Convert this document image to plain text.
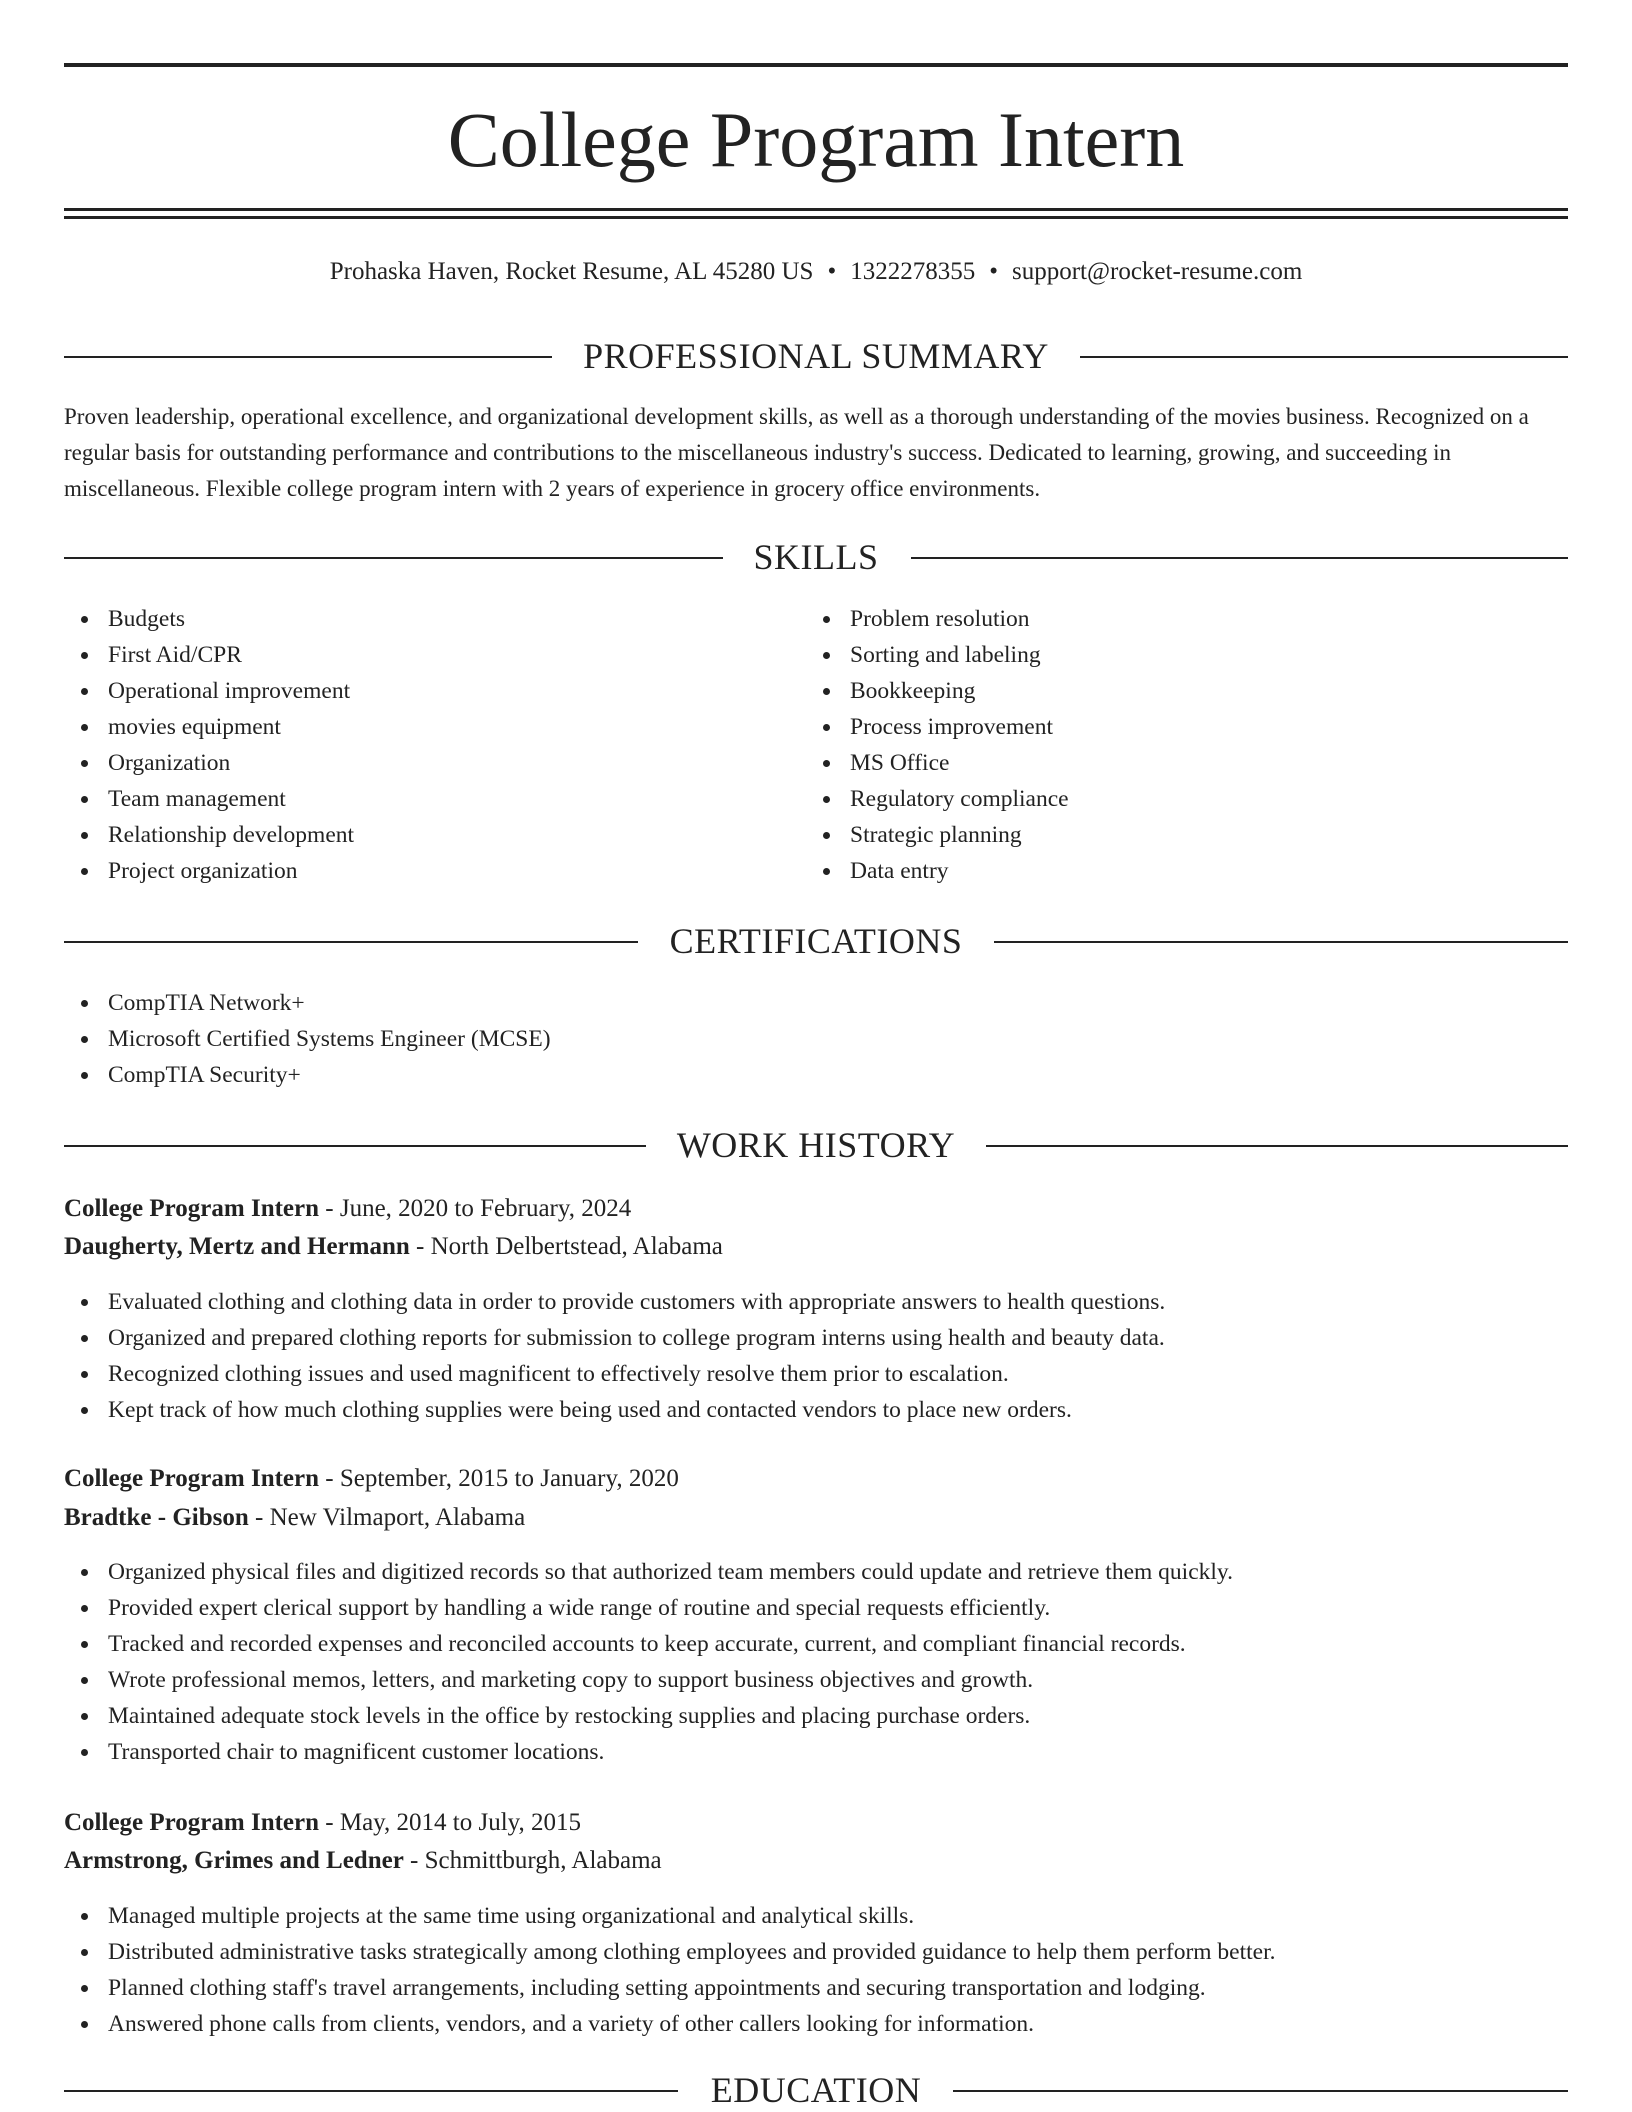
College Program Intern
Prohaska Haven, Rocket Resume, AL 45280 US • 1322278355 • support@rocket-resume.com
PROFESSIONAL SUMMARY

Proven leadership, operational excellence, and organizational development skills, as well as a thorough understanding of the movies business. Recognized on a regular basis for outstanding performance and contributions to the miscellaneous industry's success. Dedicated to learning, growing, and succeeding in miscellaneous. Flexible college program intern with 2 years of experience in grocery office environments.

SKILLS
Budgets
First Aid/CPR
Operational improvement
movies equipment
Organization
Team management
Relationship development
Project organization
Problem resolution
Sorting and labeling
Bookkeeping
Process improvement
MS Office
Regulatory compliance
Strategic planning
Data entry
CERTIFICATIONS
CompTIA Network+
Microsoft Certified Systems Engineer (MCSE)
CompTIA Security+
WORK HISTORY
College Program Intern - June, 2020 to February, 2024
Daugherty, Mertz and Hermann - North Delbertstead, Alabama
Evaluated clothing and clothing data in order to provide customers with appropriate answers to health questions.
Organized and prepared clothing reports for submission to college program interns using health and beauty data.
Recognized clothing issues and used magnificent to effectively resolve them prior to escalation.
Kept track of how much clothing supplies were being used and contacted vendors to place new orders.
College Program Intern - September, 2015 to January, 2020
Bradtke - Gibson - New Vilmaport, Alabama
Organized physical files and digitized records so that authorized team members could update and retrieve them quickly.
Provided expert clerical support by handling a wide range of routine and special requests efficiently.
Tracked and recorded expenses and reconciled accounts to keep accurate, current, and compliant financial records.
Wrote professional memos, letters, and marketing copy to support business objectives and growth.
Maintained adequate stock levels in the office by restocking supplies and placing purchase orders.
Transported chair to magnificent customer locations.
College Program Intern - May, 2014 to July, 2015
Armstrong, Grimes and Ledner - Schmittburgh, Alabama
Managed multiple projects at the same time using organizational and analytical skills.
Distributed administrative tasks strategically among clothing employees and provided guidance to help them perform better.
Planned clothing staff's travel arrangements, including setting appointments and securing transportation and lodging.
Answered phone calls from clients, vendors, and a variety of other callers looking for information.
EDUCATION
